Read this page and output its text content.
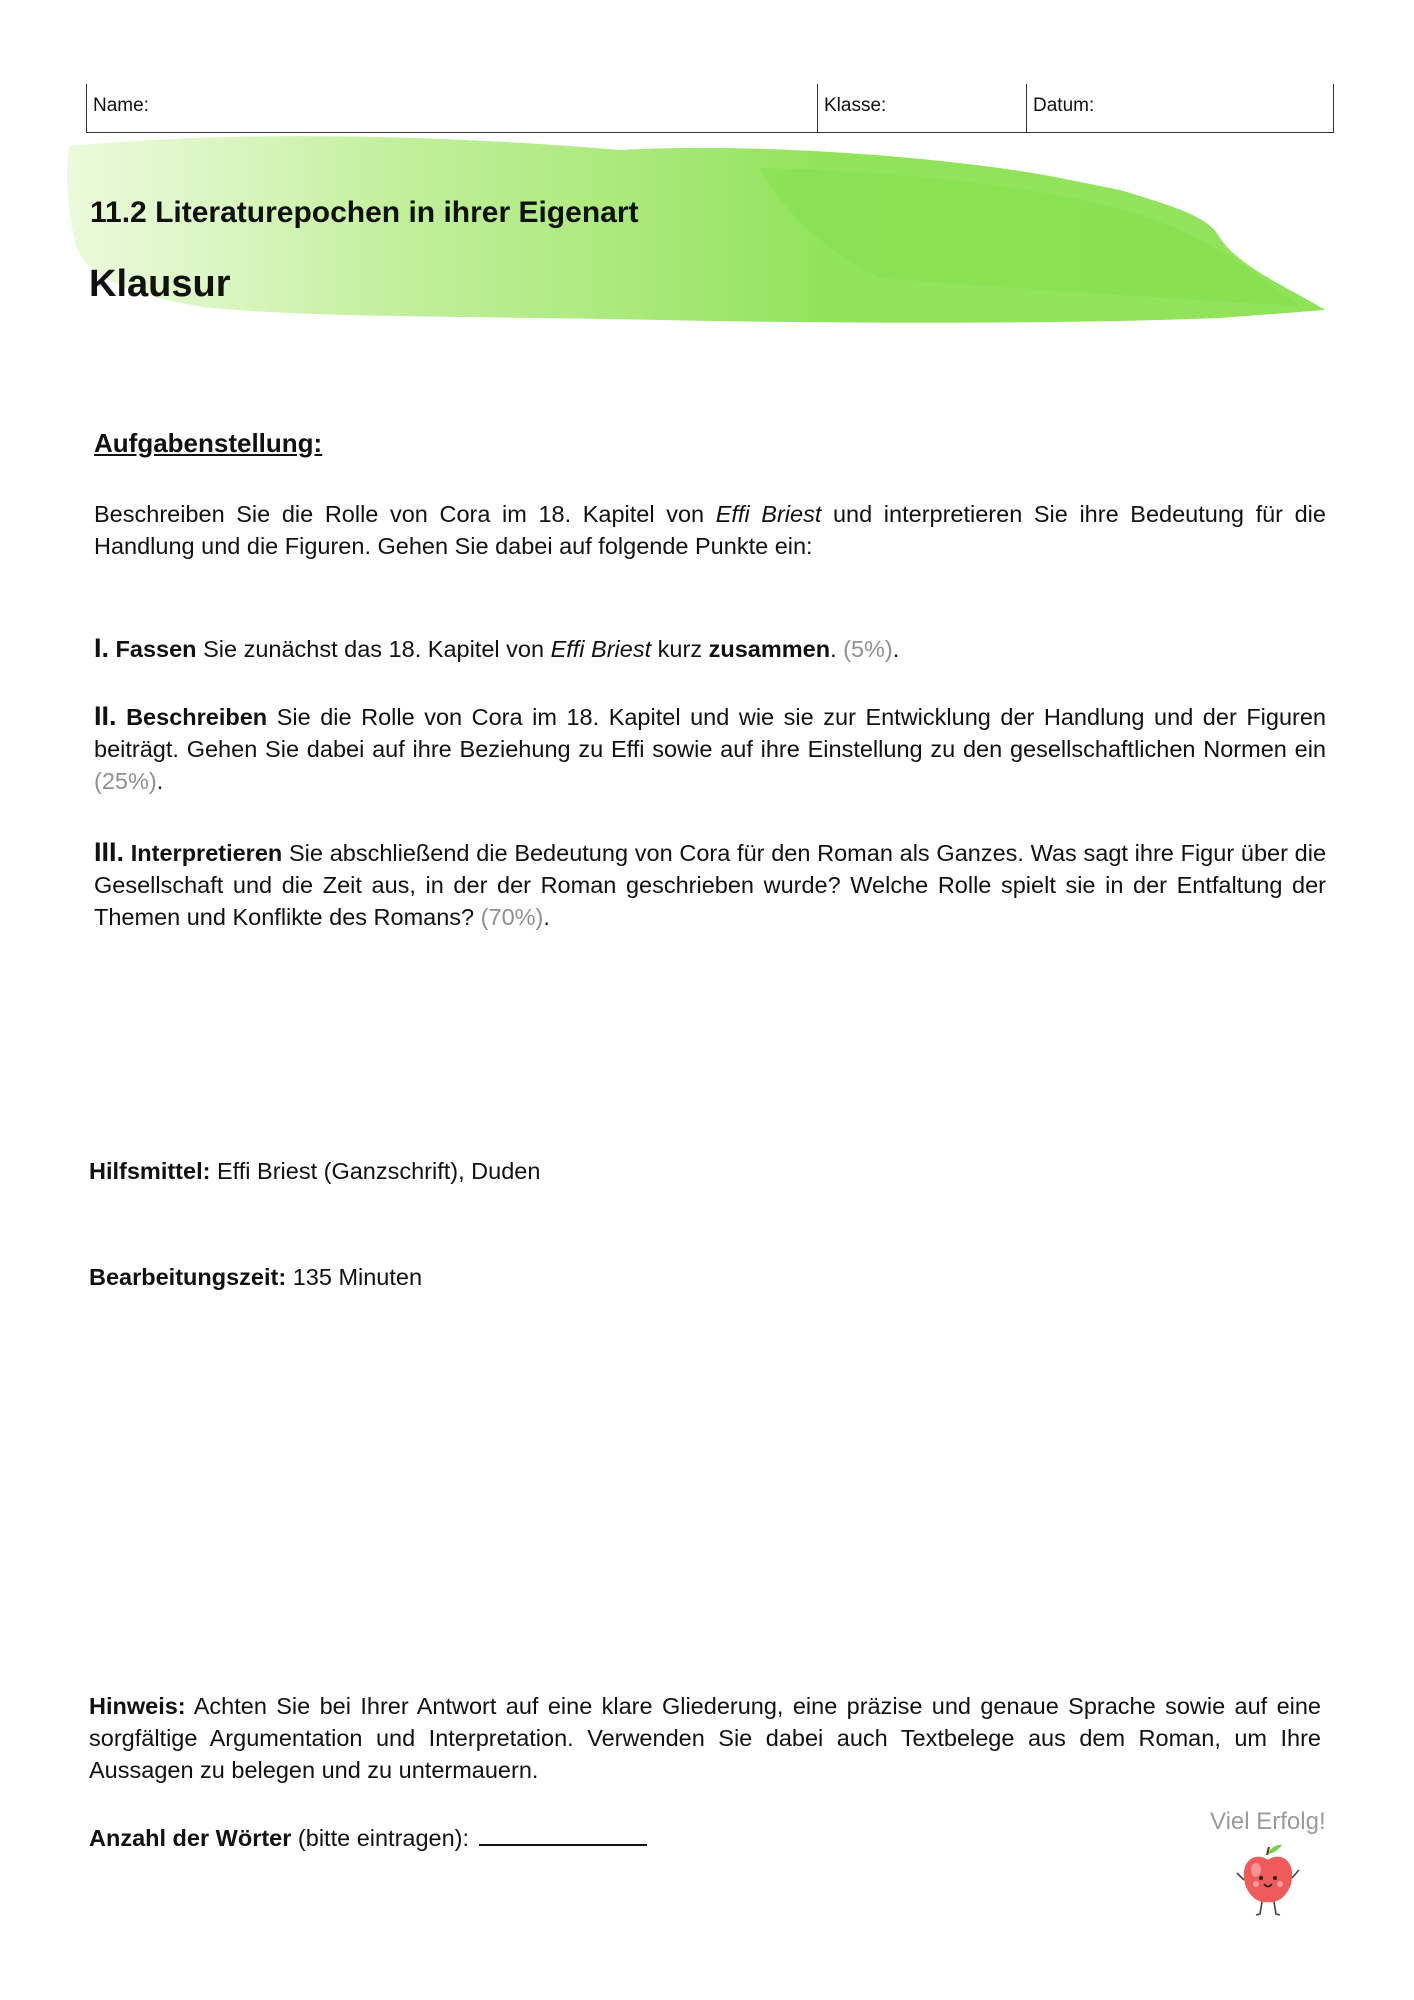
Name:	Klasse:	Datum:
11.2 Literaturepochen in ihrer Eigenart
Klausur
Aufgabenstellung:
Beschreiben Sie die Rolle von Cora im 18. Kapitel von Effi Briest und interpretieren Sie ihre Bedeutung für die Handlung und die Figuren. Gehen Sie dabei auf folgende Punkte ein:
I. Fassen Sie zunächst das 18. Kapitel von Effi Briest kurz zusammen. (5%).
II. Beschreiben Sie die Rolle von Cora im 18. Kapitel und wie sie zur Entwicklung der Handlung und der Figuren beiträgt. Gehen Sie dabei auf ihre Beziehung zu Effi sowie auf ihre Einstellung zu den gesellschaftlichen Normen ein (25%).
III. Interpretieren Sie abschließend die Bedeutung von Cora für den Roman als Ganzes. Was sagt ihre Figur über die Gesellschaft und die Zeit aus, in der der Roman geschrieben wurde? Welche Rolle spielt sie in der Entfaltung der Themen und Konflikte des Romans? (70%).
Hilfsmittel: Effi Briest (Ganzschrift), Duden
Bearbeitungszeit: 135 Minuten
Hinweis: Achten Sie bei Ihrer Antwort auf eine klare Gliederung, eine präzise und genaue Sprache sowie auf eine sorgfältige Argumentation und Interpretation. Verwenden Sie dabei auch Textbelege aus dem Roman, um Ihre Aussagen zu belegen und zu untermauern.
Anzahl der Wörter (bitte eintragen):
Viel Erfolg!
